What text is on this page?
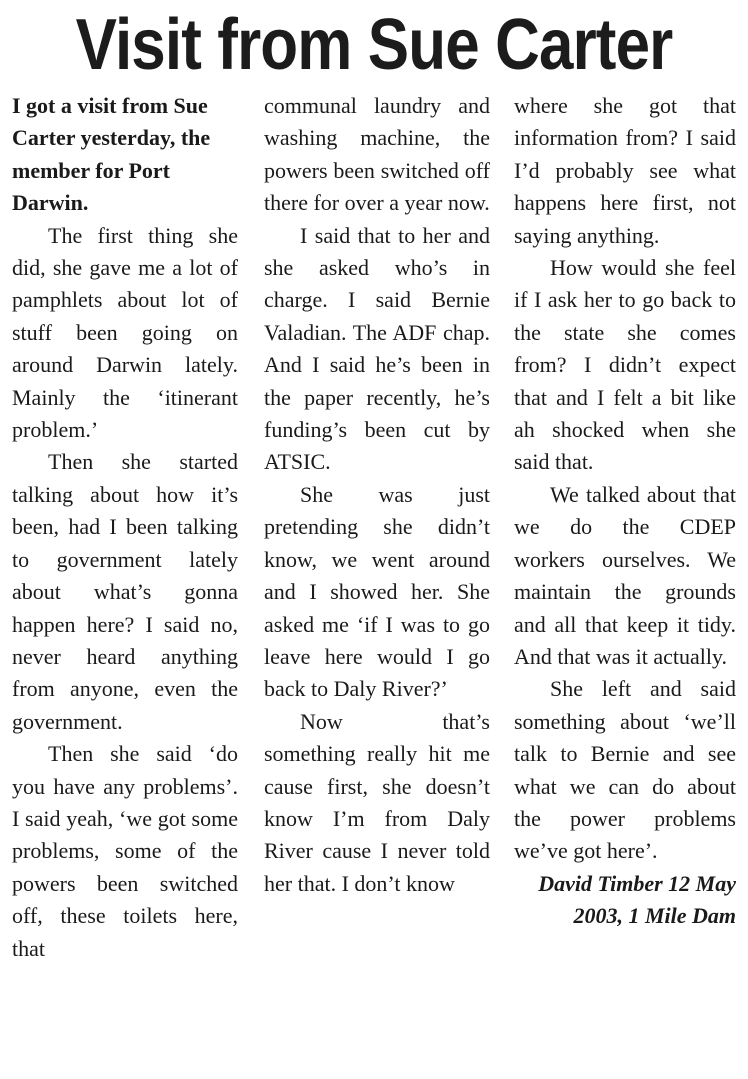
Visit from Sue Carter

I got a visit from Sue Carter yesterday, the member for Port Darwin.

The first thing she did, she gave me a lot of pamphlets about lot of stuff been going on around Darwin lately. Mainly the ‘itinerant problem.’

Then she started talking about how it’s been, had I been talking to government lately about what’s gonna happen here? I said no, never heard anything from anyone, even the government.

Then she said ‘do you have any problems’. I said yeah, ‘we got some problems, some of the powers been switched off, these toilets here, that

communal laundry and washing machine, the powers been switched off there for over a year now.

I said that to her and she asked who’s in charge. I said Bernie Valadian. The ADF chap. And I said he’s been in the paper recently, he’s funding’s been cut by ATSIC.

She was just pretending she didn’t know, we went around and I showed her. She asked me ‘if I was to go leave here would I go back to Daly River?’

Now that’s something really hit me cause first, she doesn’t know I’m from Daly River cause I never told her that. I don’t know

where she got that information from? I said I’d probably see what happens here first, not saying anything.

How would she feel if I ask her to go back to the state she comes from? I didn’t expect that and I felt a bit like ah shocked when she said that.

We talked about that we do the CDEP workers ourselves. We maintain the grounds and all that keep it tidy. And that was it actually.

She left and said something about ‘we’ll talk to Bernie and see what we can do about the power problems we’ve got here’.

David Timber 12 May 2003, 1 Mile Dam
